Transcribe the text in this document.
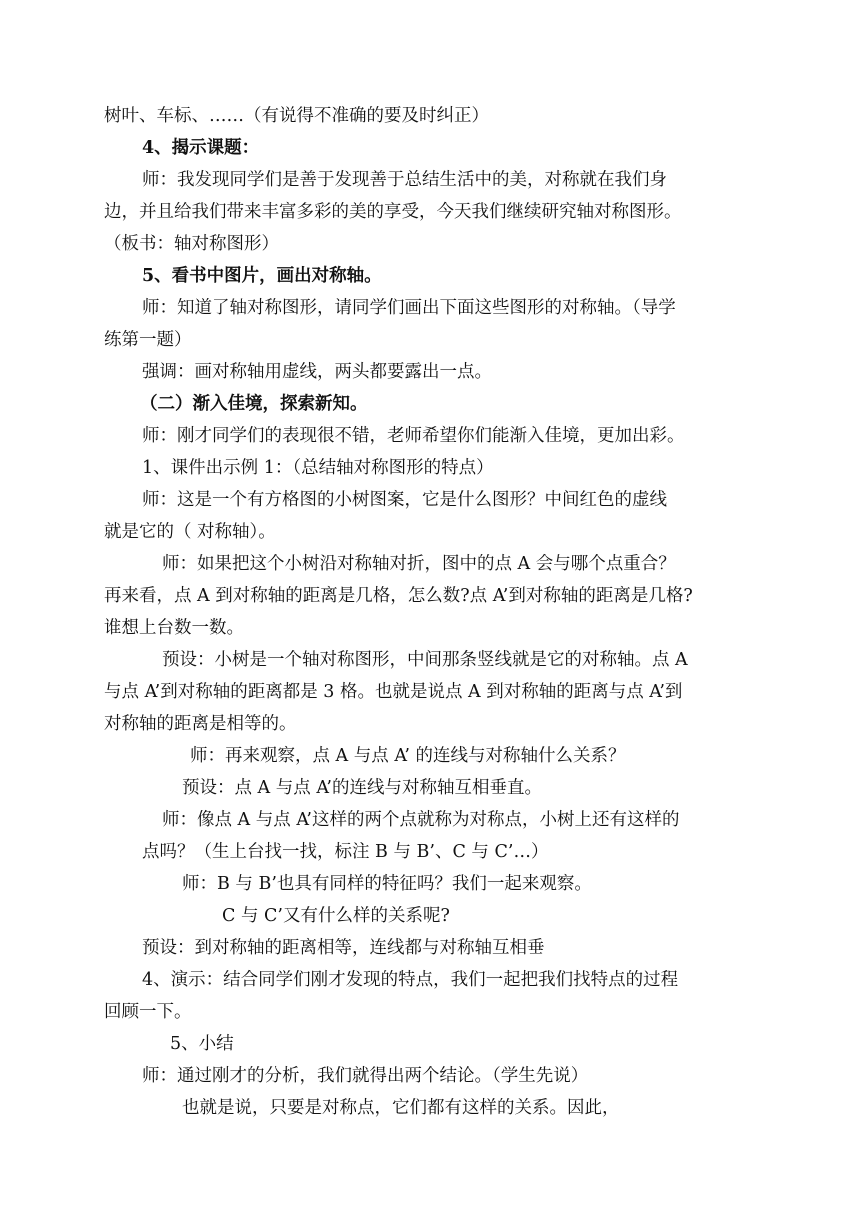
树叶、车标、……（有说得不准确的要及时纠正）
4、揭示课题：
师：我发现同学们是善于发现善于总结生活中的美，对称就在我们身
边，并且给我们带来丰富多彩的美的享受，今天我们继续研究轴对称图形。
（板书：轴对称图形）
5、看书中图片，画出对称轴。
师：知道了轴对称图形，请同学们画出下面这些图形的对称轴。（导学
练第一题）
强调：画对称轴用虚线，两头都要露出一点。
（二）渐入佳境，探索新知。
师：刚才同学们的表现很不错，老师希望你们能渐入佳境，更加出彩。
1、课件出示例 1：（总结轴对称图形的特点）
师：这是一个有方格图的小树图案，它是什么图形？中间红色的虚线
就是它的（ 对称轴）。
师：如果把这个小树沿对称轴对折，图中的点 A 会与哪个点重合？
再来看，点 A 到对称轴的距离是几格，怎么数?点 A’到对称轴的距离是几格?
谁想上台数一数。
预设：小树是一个轴对称图形，中间那条竖线就是它的对称轴。点 A
与点 A’到对称轴的距离都是 3 格。也就是说点 A 到对称轴的距离与点 A’到
对称轴的距离是相等的。
师：再来观察，点 A 与点 A’ 的连线与对称轴什么关系？
预设：点 A 与点 A’的连线与对称轴互相垂直。
师：像点 A 与点 A’这样的两个点就称为对称点，小树上还有这样的
点吗？（生上台找一找，标注 B 与 B’、C 与 C’…）
师：B 与 B’也具有同样的特征吗？我们一起来观察。
C 与 C’又有什么样的关系呢?
预设：到对称轴的距离相等，连线都与对称轴互相垂
4、演示：结合同学们刚才发现的特点，我们一起把我们找特点的过程
回顾一下。
5、小结
师：通过刚才的分析，我们就得出两个结论。（学生先说）
也就是说，只要是对称点，它们都有这样的关系。因此，
